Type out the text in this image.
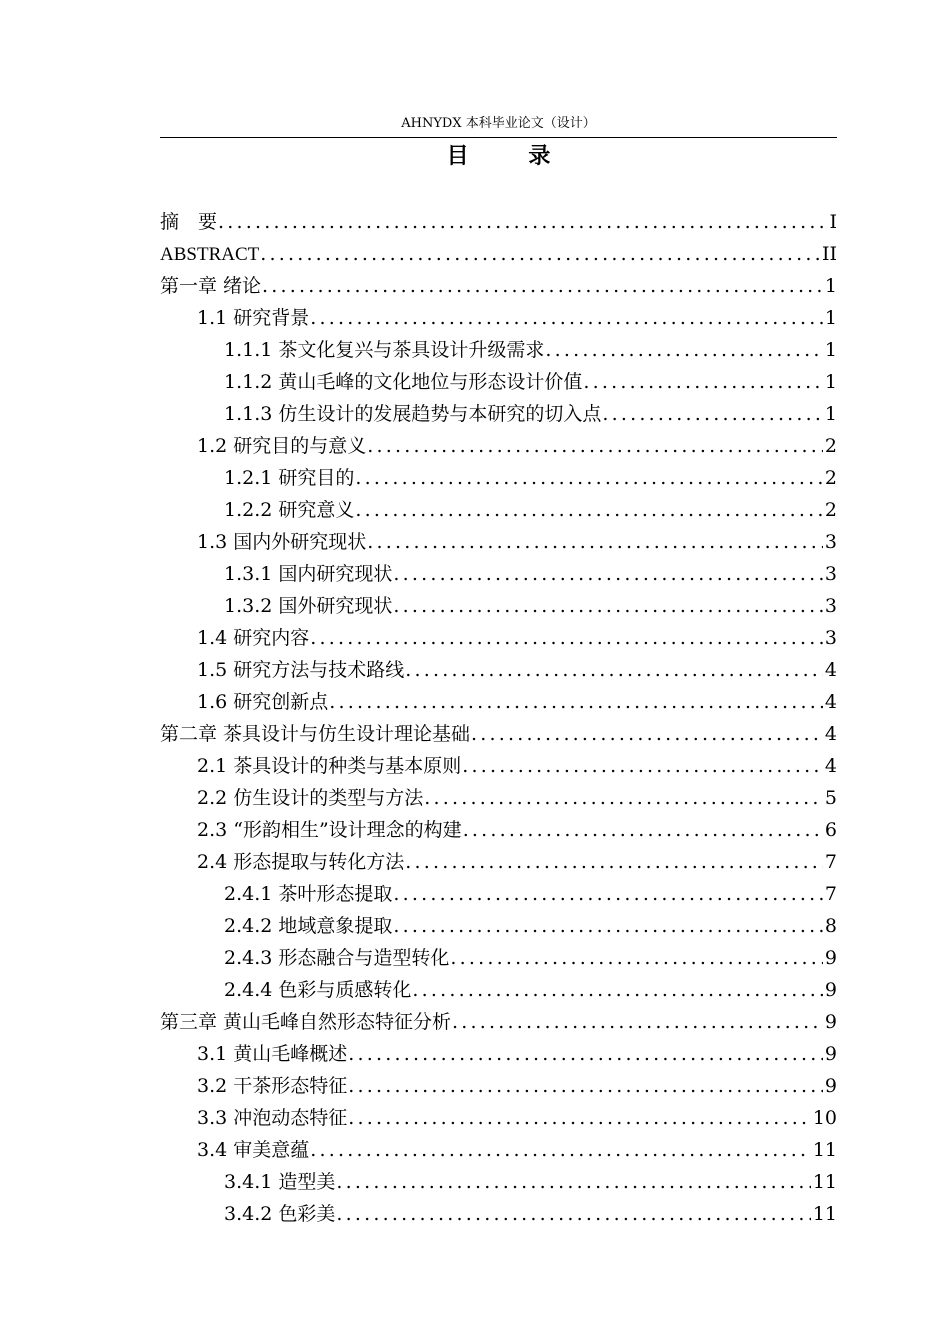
AHNYDX 本科毕业论文（设计）
目 录
摘　要 .....	I
ABSTRACT .....	II
第一章 绪论 .....	1
1.1 研究背景 .....	1
1.1.1 茶文化复兴与茶具设计升级需求 .....	1
1.1.2 黄山毛峰的文化地位与形态设计价值 .....	1
1.1.3 仿生设计的发展趋势与本研究的切入点 .....	1
1.2 研究目的与意义 .....	2
1.2.1 研究目的 .....	2
1.2.2 研究意义 .....	2
1.3 国内外研究现状 .....	3
1.3.1 国内研究现状 .....	3
1.3.2 国外研究现状 .....	3
1.4 研究内容 .....	3
1.5 研究方法与技术路线 .....	4
1.6 研究创新点 .....	4
第二章 茶具设计与仿生设计理论基础 .....	4
2.1 茶具设计的种类与基本原则 .....	4
2.2 仿生设计的类型与方法 .....	5
2.3 “形韵相生”设计理念的构建 .....	6
2.4 形态提取与转化方法 .....	7
2.4.1 茶叶形态提取 .....	7
2.4.2 地域意象提取 .....	8
2.4.3 形态融合与造型转化 .....	9
2.4.4 色彩与质感转化 .....	9
第三章 黄山毛峰自然形态特征分析 .....	9
3.1 黄山毛峰概述 .....	9
3.2 干茶形态特征 .....	9
3.3 冲泡动态特征 .....	10
3.4 审美意蕴 .....	11
3.4.1 造型美 .....	11
3.4.2 色彩美 .....	11
